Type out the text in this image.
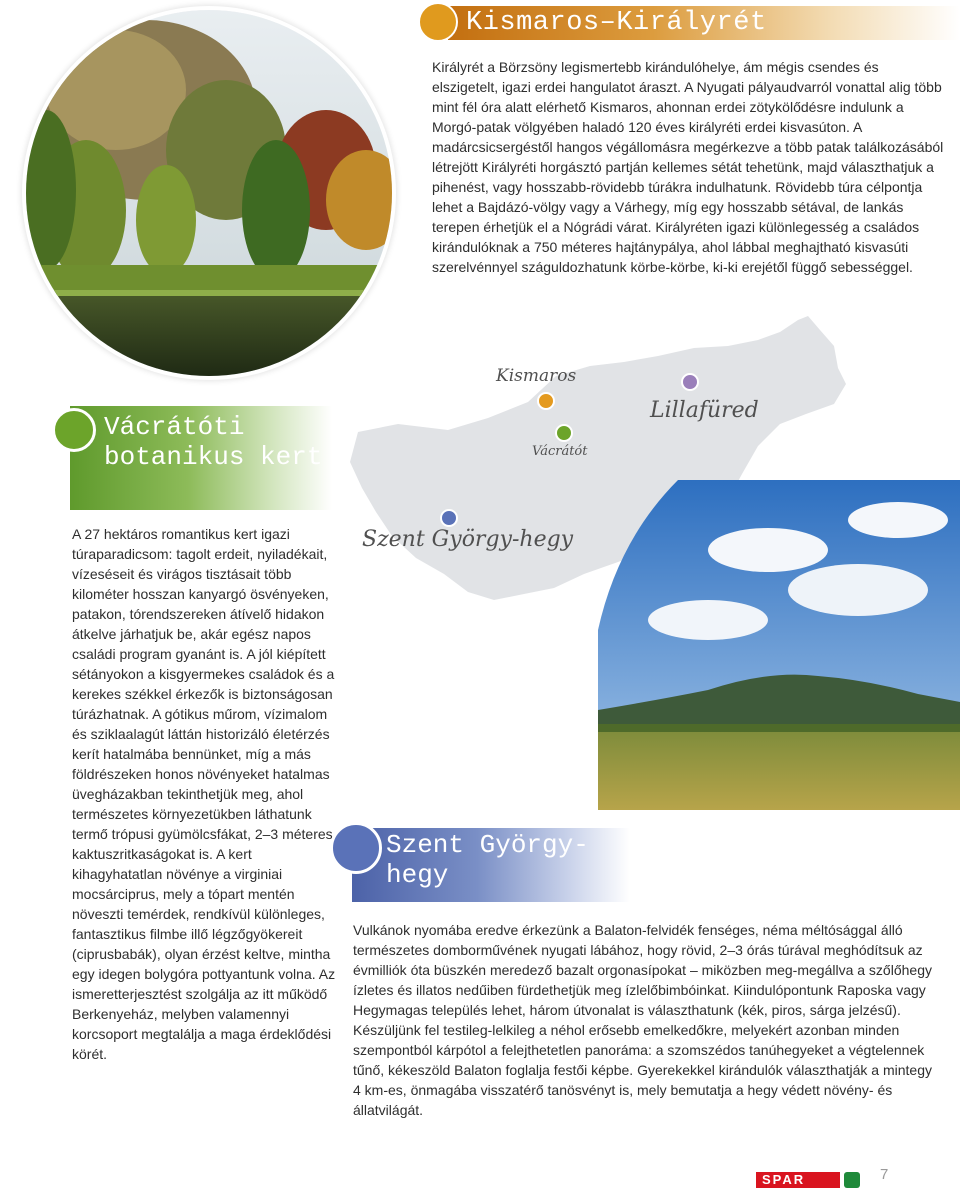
Kismaros–Királyrét

Királyrét a Börzsöny legismertebb kirándulóhelye, ám mégis csendes és elszigetelt, igazi erdei hangulatot áraszt. A Nyugati pályaudvarról vonattal alig több mint fél óra alatt elérhető Kismaros, ahonnan erdei zötykölődésre indulunk a Morgó-patak völgyében haladó 120 éves királyréti erdei kisvasúton. A madárcsicsergéstől hangos végállomásra megérkezve a több patak találkozásából létrejött Királyréti horgásztó partján kellemes sétát tehetünk, majd választhatjuk a pihenést, vagy hosszabb-rövidebb túrákra indulhatunk. Rövidebb túra célpontja lehet a Bajdázó-völgy vagy a Várhegy, míg egy hosszabb sétával, de lankás terepen érhetjük el a Nógrádi várat. Királyréten igazi különlegesség a családos kirándulóknak a 750 méteres hajtánypálya, ahol lábbal meghajtható kisvasúti szerelvénnyel száguldozhatunk körbe-körbe, ki-ki erejétől függő sebességgel.

Kismaros
Vácrátót
Lillafüred
Szent György-hegy
Vácrátóti botanikus kert

A 27 hektáros romantikus kert igazi túraparadicsom: tagolt erdeit, nyiladékait, vízeséseit és virágos tisztásait több kilométer hosszan kanyargó ösvényeken, patakon, tórendszereken átívelő hidakon átkelve járhatjuk be, akár egész napos családi program gyanánt is. A jól kiépített sétányokon a kisgyermekes családok és a kerekes székkel érkezők is biztonságosan túrázhatnak. A gótikus műrom, vízimalom és sziklaalagút láttán historizáló életérzés kerít hatalmába bennünket, míg a más földrészeken honos növényeket hatalmas üvegházakban tekinthetjük meg, ahol természetes környezetükben láthatunk termő trópusi gyümölcsfákat, 2–3 méteres kaktuszritkaságokat is. A kert kihagyhatatlan növénye a virginiai mocsárciprus, mely a tópart mentén növeszti temérdek, rendkívül különleges, fantasztikus filmbe illő légzőgyökereit (ciprusbabák), olyan érzést keltve, mintha egy idegen bolygóra pottyantunk volna. Az ismeretterjesztést szolgálja az itt működő Berkenyeház, melyben valamennyi korcsoport megtalálja a maga érdeklődési körét.

Szent György-hegy

Vulkánok nyomába eredve érkezünk a Balaton-felvidék fenséges, néma méltósággal álló természetes domborművének nyugati lábához, hogy rövid, 2–3 órás túrával meghódítsuk az évmilliók óta büszkén meredező bazalt orgonasípokat – miközben meg-megállva a szőlőhegy ízletes és illatos nedűiben fürdethetjük meg ízlelőbimbóinkat. Kiindulópontunk Raposka vagy Hegymagas település lehet, három útvonalat is választhatunk (kék, piros, sárga jelzésű). Készüljünk fel testileg-lelkileg a néhol erősebb emelkedőkre, melyekért azonban minden szempontból kárpótol a felejthetetlen panoráma: a szomszédos tanúhegyeket a végtelennek tűnő, kékeszöld Balaton foglalja festői képbe. Gyerekekkel kirándulók választhatják a mintegy 4 km-es, önmagába visszatérő tanösvényt is, mely bemutatja a hegy védett növény- és állatvilágát.

SPAR	7
